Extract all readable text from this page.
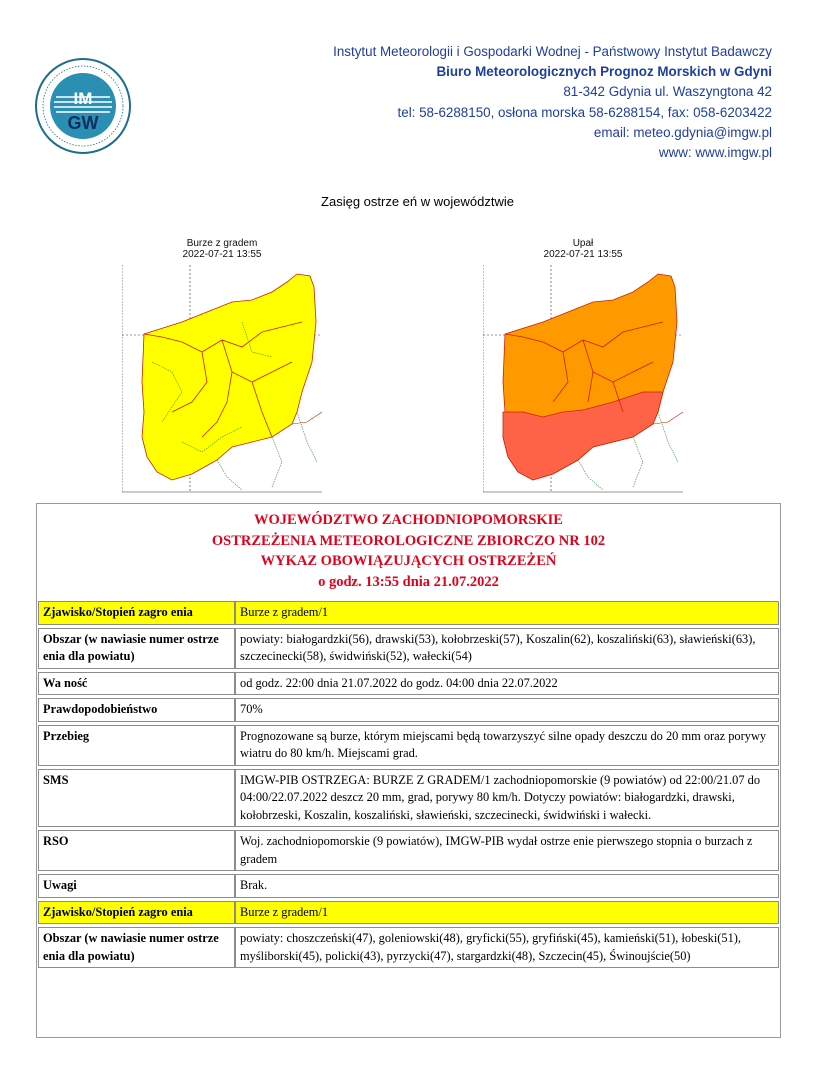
IM
GW
Instytut Meteorologii i Gospodarki Wodnej - Państwowy Instytut Badawczy
Biuro Meteorologicznych Prognoz Morskich w Gdyni
81-342 Gdynia ul. Waszyngtona 42
tel: 58-6288150, osłona morska 58-6288154, fax: 058-6203422
email: meteo.gdynia@imgw.pl
www: www.imgw.pl
Zasięg ostrze eń w województwie
Burze z gradem
2022-07-21 13:55
Upał
2022-07-21 13:55
WOJEWÓDZTWO ZACHODNIOPOMORSKIE
OSTRZEŻENIA METEOROLOGICZNE ZBIORCZO NR 102
WYKAZ OBOWIĄZUJĄCYCH OSTRZEŻEŃ
o godz. 13:55 dnia 21.07.2022
Zjawisko/Stopień zagro enia	Burze z gradem/1
Obszar (w nawiasie numer ostrze enia dla powiatu)	powiaty: białogardzki(56), drawski(53), kołobrzeski(57), Koszalin(62), koszaliński(63), sławieński(63), szczecinecki(58), świdwiński(52), wałecki(54)
Wa ność	od godz. 22:00 dnia 21.07.2022 do godz. 04:00 dnia 22.07.2022
Prawdopodobieństwo	70%
Przebieg	Prognozowane są burze, którym miejscami będą towarzyszyć silne opady deszczu do 20 mm oraz porywy wiatru do 80 km/h. Miejscami grad.
SMS	IMGW-PIB OSTRZEGA: BURZE Z GRADEM/1 zachodniopomorskie (9 powiatów) od 22:00/21.07 do 04:00/22.07.2022 deszcz 20 mm, grad, porywy 80 km/h. Dotyczy powiatów: białogardzki, drawski, kołobrzeski, Koszalin, koszaliński, sławieński, szczecinecki, świdwiński i wałecki.
RSO	Woj. zachodniopomorskie (9 powiatów), IMGW-PIB wydał ostrze enie pierwszego stopnia o burzach z gradem
Uwagi	Brak.
Zjawisko/Stopień zagro enia	Burze z gradem/1
Obszar (w nawiasie numer ostrze enia dla powiatu)	powiaty: choszczeński(47), goleniowski(48), gryficki(55), gryfiński(45), kamieński(51), łobeski(51), myśliborski(45), policki(43), pyrzycki(47), stargardzki(48), Szczecin(45), Świnoujście(50)
